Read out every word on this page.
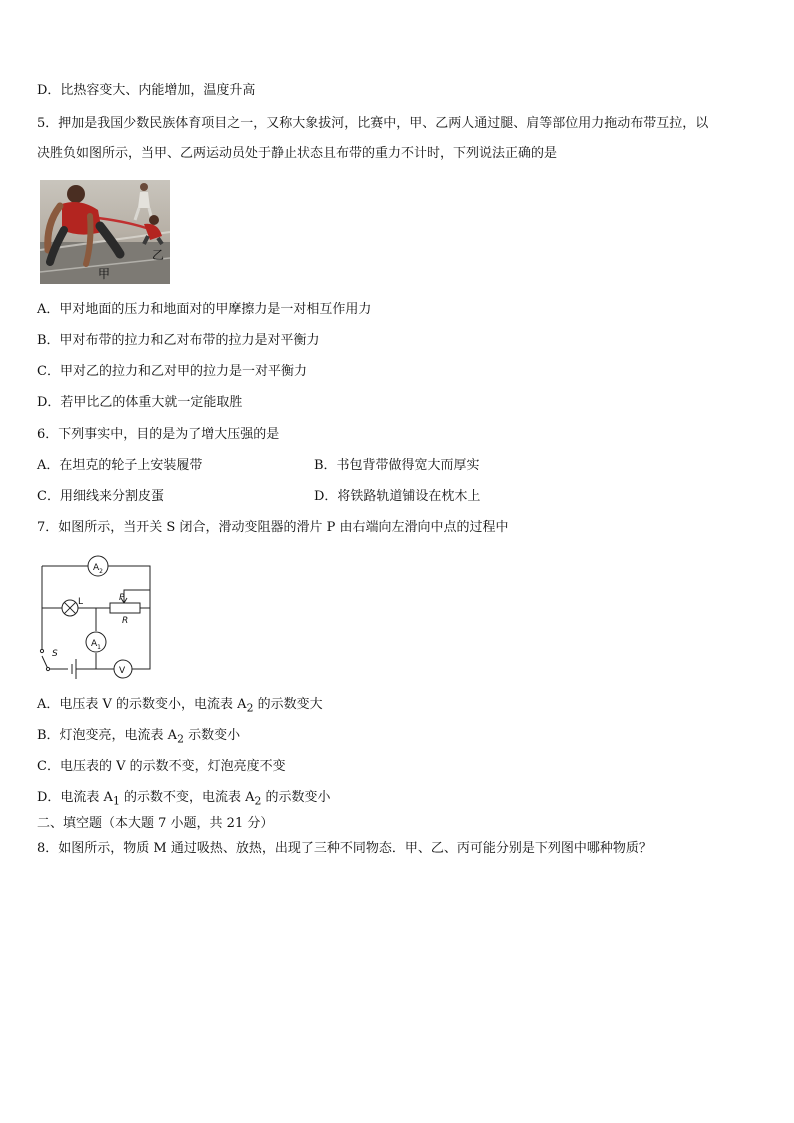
D．比热容变大、内能增加，温度升高
5．押加是我国少数民族体育项目之一，又称大象拔河，比赛中，甲、乙两人通过腿、肩等部位用力拖动布带互拉，以
决胜负如图所示，当甲、乙两运动员处于静止状态且布带的重力不计时，下列说法正确的是
乙
甲
A．甲对地面的压力和地面对的甲摩擦力是一对相互作用力
B．甲对布带的拉力和乙对布带的拉力是对平衡力
C．甲对乙的拉力和乙对甲的拉力是一对平衡力
D．若甲比乙的体重大就一定能取胜
6．下列事实中，目的是为了增大压强的是
A．在坦克的轮子上安装履带	B．书包背带做得宽大而厚实
C．用细线来分割皮蛋	D．将铁路轨道铺设在枕木上
7．如图所示，当开关 S 闭合，滑动变阻器的滑片 P 由右端向左滑向中点的过程中
$A_2$
L	P
R
$A_1$
V
S
A．电压表 V 的示数变小，电流表 $A_2$ 的示数变大
B．灯泡变亮，电流表 $A_2$ 示数变小
C．电压表的 V 的示数不变，灯泡亮度不变
D．电流表 $A_1$ 的示数不变，电流表 $A_2$ 的示数变小
二、填空题（本大题 7 小题，共 21 分）
8．如图所示，物质 M 通过吸热、放热，出现了三种不同物态．甲、乙、丙可能分别是下列图中哪种物质？
